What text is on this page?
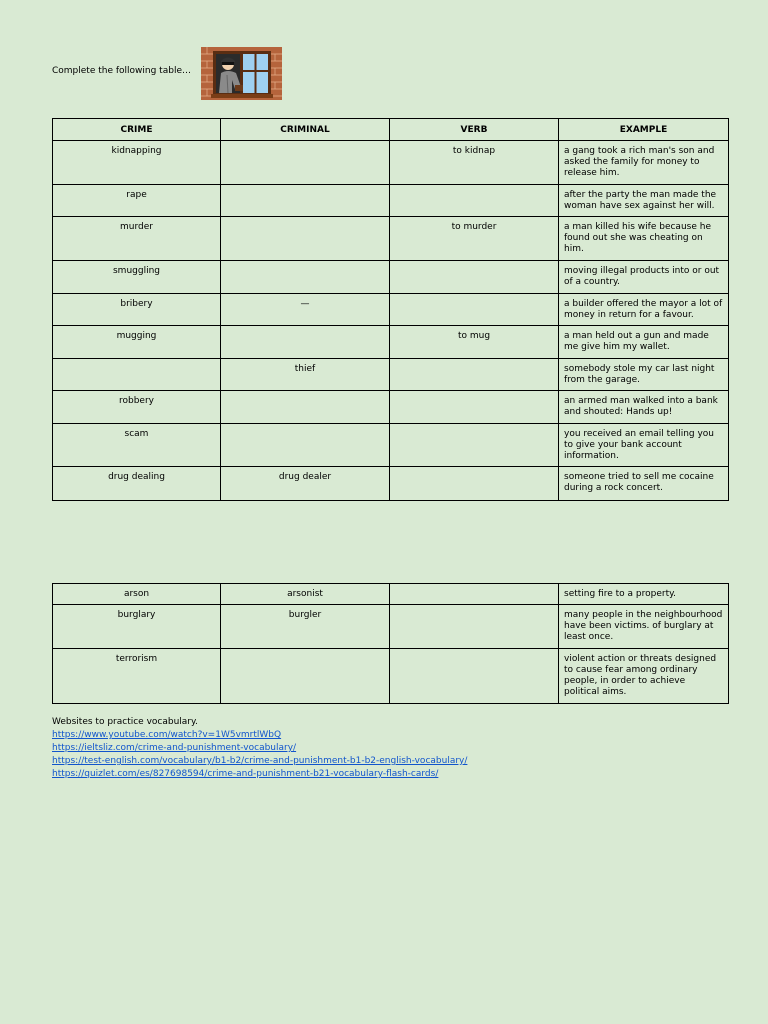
Complete the following table…
CRIME	CRIMINAL	VERB	EXAMPLE
kidnapping		to kidnap	a gang took a rich man's son and asked the family for money to release him.
rape			after the party the man made the woman have sex against her will.
murder		to murder	a man killed his wife because he found out she was cheating on him.
smuggling			moving illegal products into or out of a country.
bribery	—		a builder offered the mayor a lot of money in return for a favour.
mugging		to mug	a man held out a gun and made me give him my wallet.
	thief		somebody stole my car last night from the garage.
robbery			an armed man walked into a bank and shouted: Hands up!
scam			you received an email telling you to give your bank account information.
drug dealing	drug dealer		someone tried to sell me cocaine during a rock concert.
arson	arsonist		setting fire to a property.
burglary	burgler		many people in the neighbourhood have been victims. of burglary at least once.
terrorism			violent action or threats designed to cause fear among ordinary people, in order to achieve political aims.
Websites to practice vocabulary.
https://www.youtube.com/watch?v=1W5vmrtlWbQ
https://ieltsliz.com/crime-and-punishment-vocabulary/
https://test-english.com/vocabulary/b1-b2/crime-and-punishment-b1-b2-english-vocabulary/
https://quizlet.com/es/827698594/crime-and-punishment-b21-vocabulary-flash-cards/
